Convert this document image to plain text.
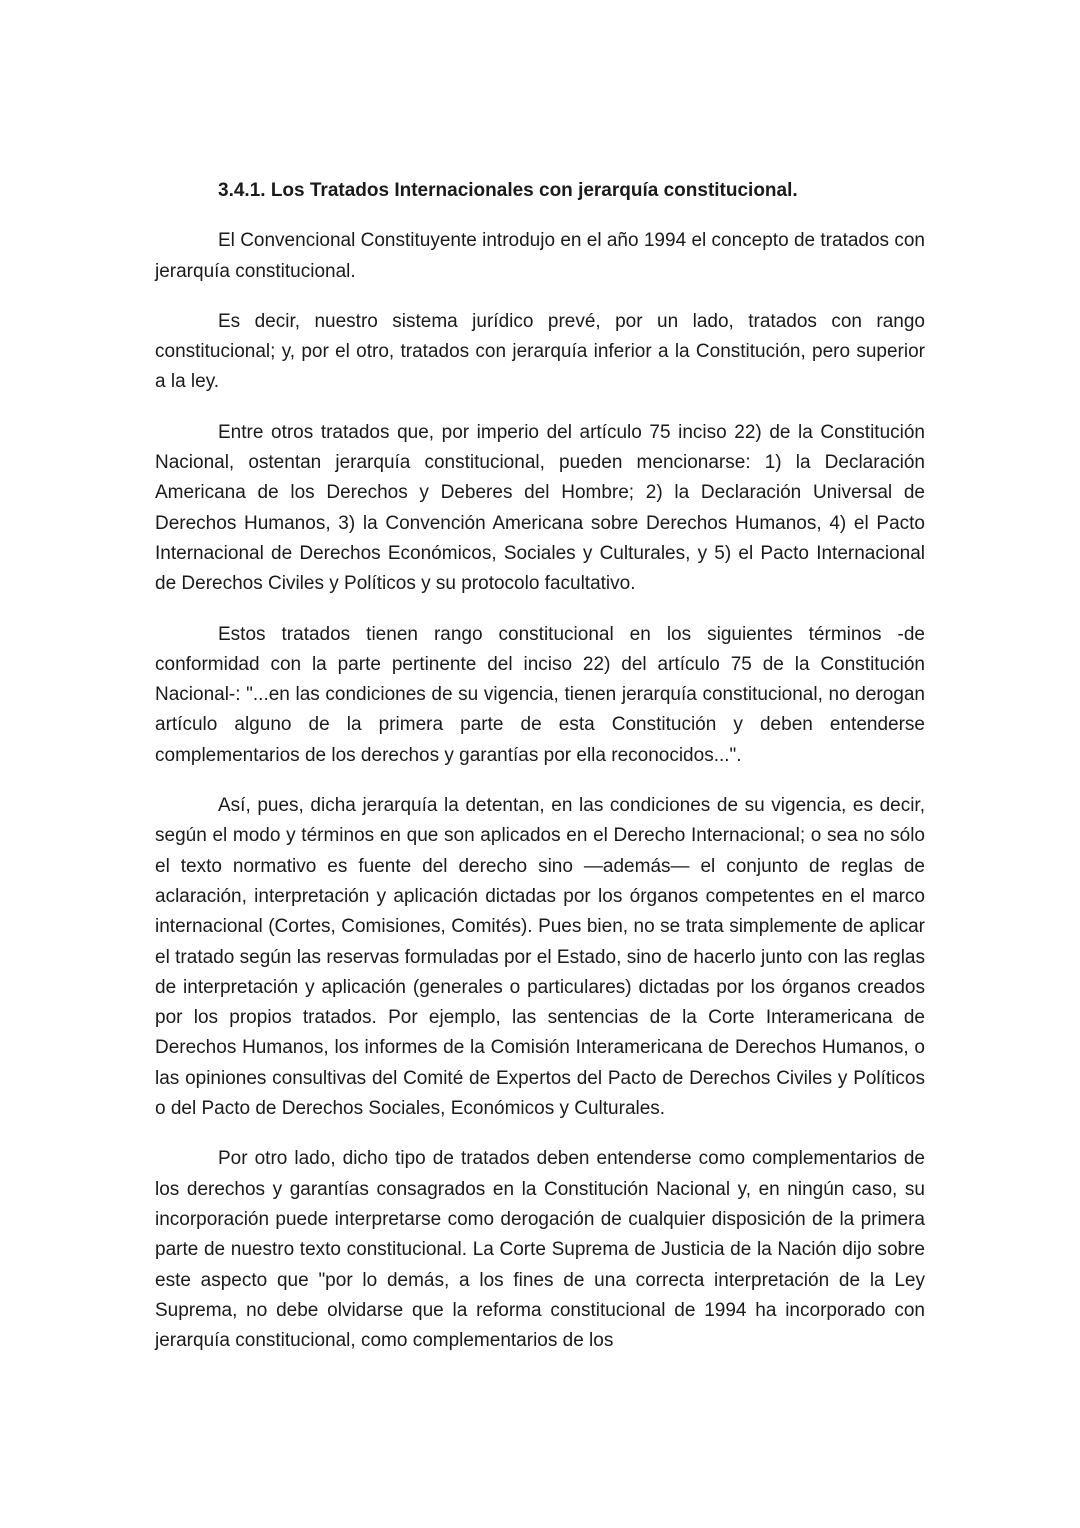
3.4.1. Los Tratados Internacionales con jerarquía constitucional.

El Convencional Constituyente introdujo en el año 1994 el concepto de tratados con jerarquía constitucional.

Es decir, nuestro sistema jurídico prevé, por un lado, tratados con rango constitucional; y, por el otro, tratados con jerarquía inferior a la Constitución, pero superior a la ley.

Entre otros tratados que, por imperio del artículo 75 inciso 22) de la Constitución Nacional, ostentan jerarquía constitucional, pueden mencionarse: 1) la Declaración Americana de los Derechos y Deberes del Hombre; 2) la Declaración Universal de Derechos Humanos, 3) la Convención Americana sobre Derechos Humanos, 4) el Pacto Internacional de Derechos Económicos, Sociales y Culturales, y 5) el Pacto Internacional de Derechos Civiles y Políticos y su protocolo facultativo.

Estos tratados tienen rango constitucional en los siguientes términos -de conformidad con la parte pertinente del inciso 22) del artículo 75 de la Constitución Nacional-: "...en las condiciones de su vigencia, tienen jerarquía constitucional, no derogan artículo alguno de la primera parte de esta Constitución y deben entenderse complementarios de los derechos y garantías por ella reconocidos...".

Así, pues, dicha jerarquía la detentan, en las condiciones de su vigencia, es decir, según el modo y términos en que son aplicados en el Derecho Internacional; o sea no sólo el texto normativo es fuente del derecho sino —además— el conjunto de reglas de aclaración, interpretación y aplicación dictadas por los órganos competentes en el marco internacional (Cortes, Comisiones, Comités). Pues bien, no se trata simplemente de aplicar el tratado según las reservas formuladas por el Estado, sino de hacerlo junto con las reglas de interpretación y aplicación (generales o particulares) dictadas por los órganos creados por los propios tratados. Por ejemplo, las sentencias de la Corte Interamericana de Derechos Humanos, los informes de la Comisión Interamericana de Derechos Humanos, o las opiniones consultivas del Comité de Expertos del Pacto de Derechos Civiles y Políticos o del Pacto de Derechos Sociales, Económicos y Culturales.

Por otro lado, dicho tipo de tratados deben entenderse como complementarios de los derechos y garantías consagrados en la Constitución Nacional y, en ningún caso, su incorporación puede interpretarse como derogación de cualquier disposición de la primera parte de nuestro texto constitucional. La Corte Suprema de Justicia de la Nación dijo sobre este aspecto que "por lo demás, a los fines de una correcta interpretación de la Ley Suprema, no debe olvidarse que la reforma constitucional de 1994 ha incorporado con jerarquía constitucional, como complementarios de los
